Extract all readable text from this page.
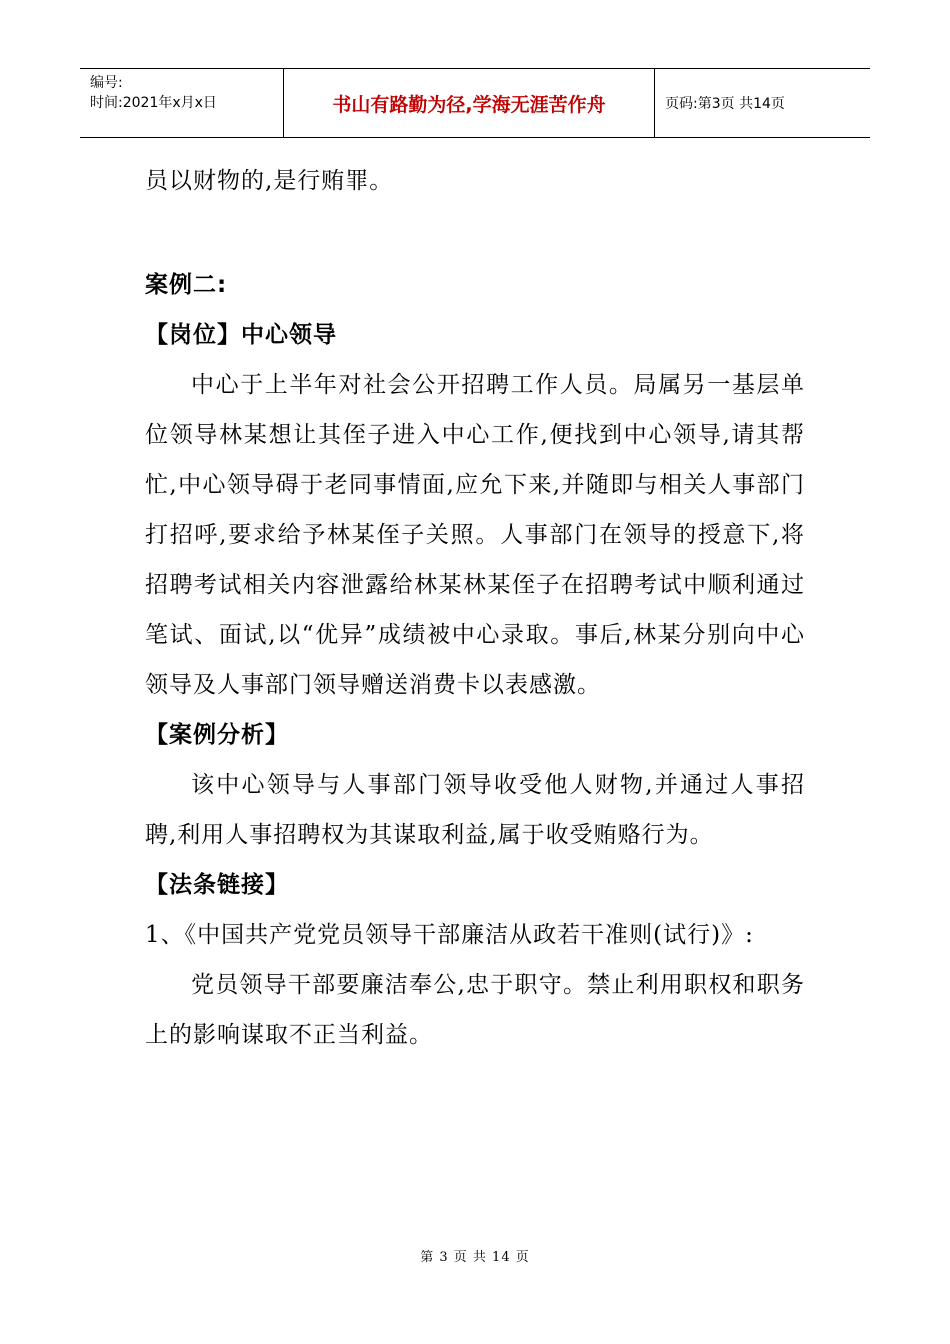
编号:
时间:2021年x月x日	书山有路勤为径,学海无涯苦作舟	页码:第3页 共14页

员以财物的,是行贿罪。

案例二:

【岗位】中心领导

中心于上半年对社会公开招聘工作人员。局属另一基层单位领导林某想让其侄子进入中心工作,便找到中心领导,请其帮忙,中心领导碍于老同事情面,应允下来,并随即与相关人事部门打招呼,要求给予林某侄子关照。人事部门在领导的授意下,将招聘考试相关内容泄露给林某林某侄子在招聘考试中顺利通过笔试、面试,以“优异”成绩被中心录取。事后,林某分别向中心领导及人事部门领导赠送消费卡以表感激。

【案例分析】

该中心领导与人事部门领导收受他人财物,并通过人事招聘,利用人事招聘权为其谋取利益,属于收受贿赂行为。

【法条链接】

1、《中国共产党党员领导干部廉洁从政若干准则(试行)》:

党员领导干部要廉洁奉公,忠于职守。禁止利用职权和职务上的影响谋取不正当利益。

第 3 页 共 14 页
